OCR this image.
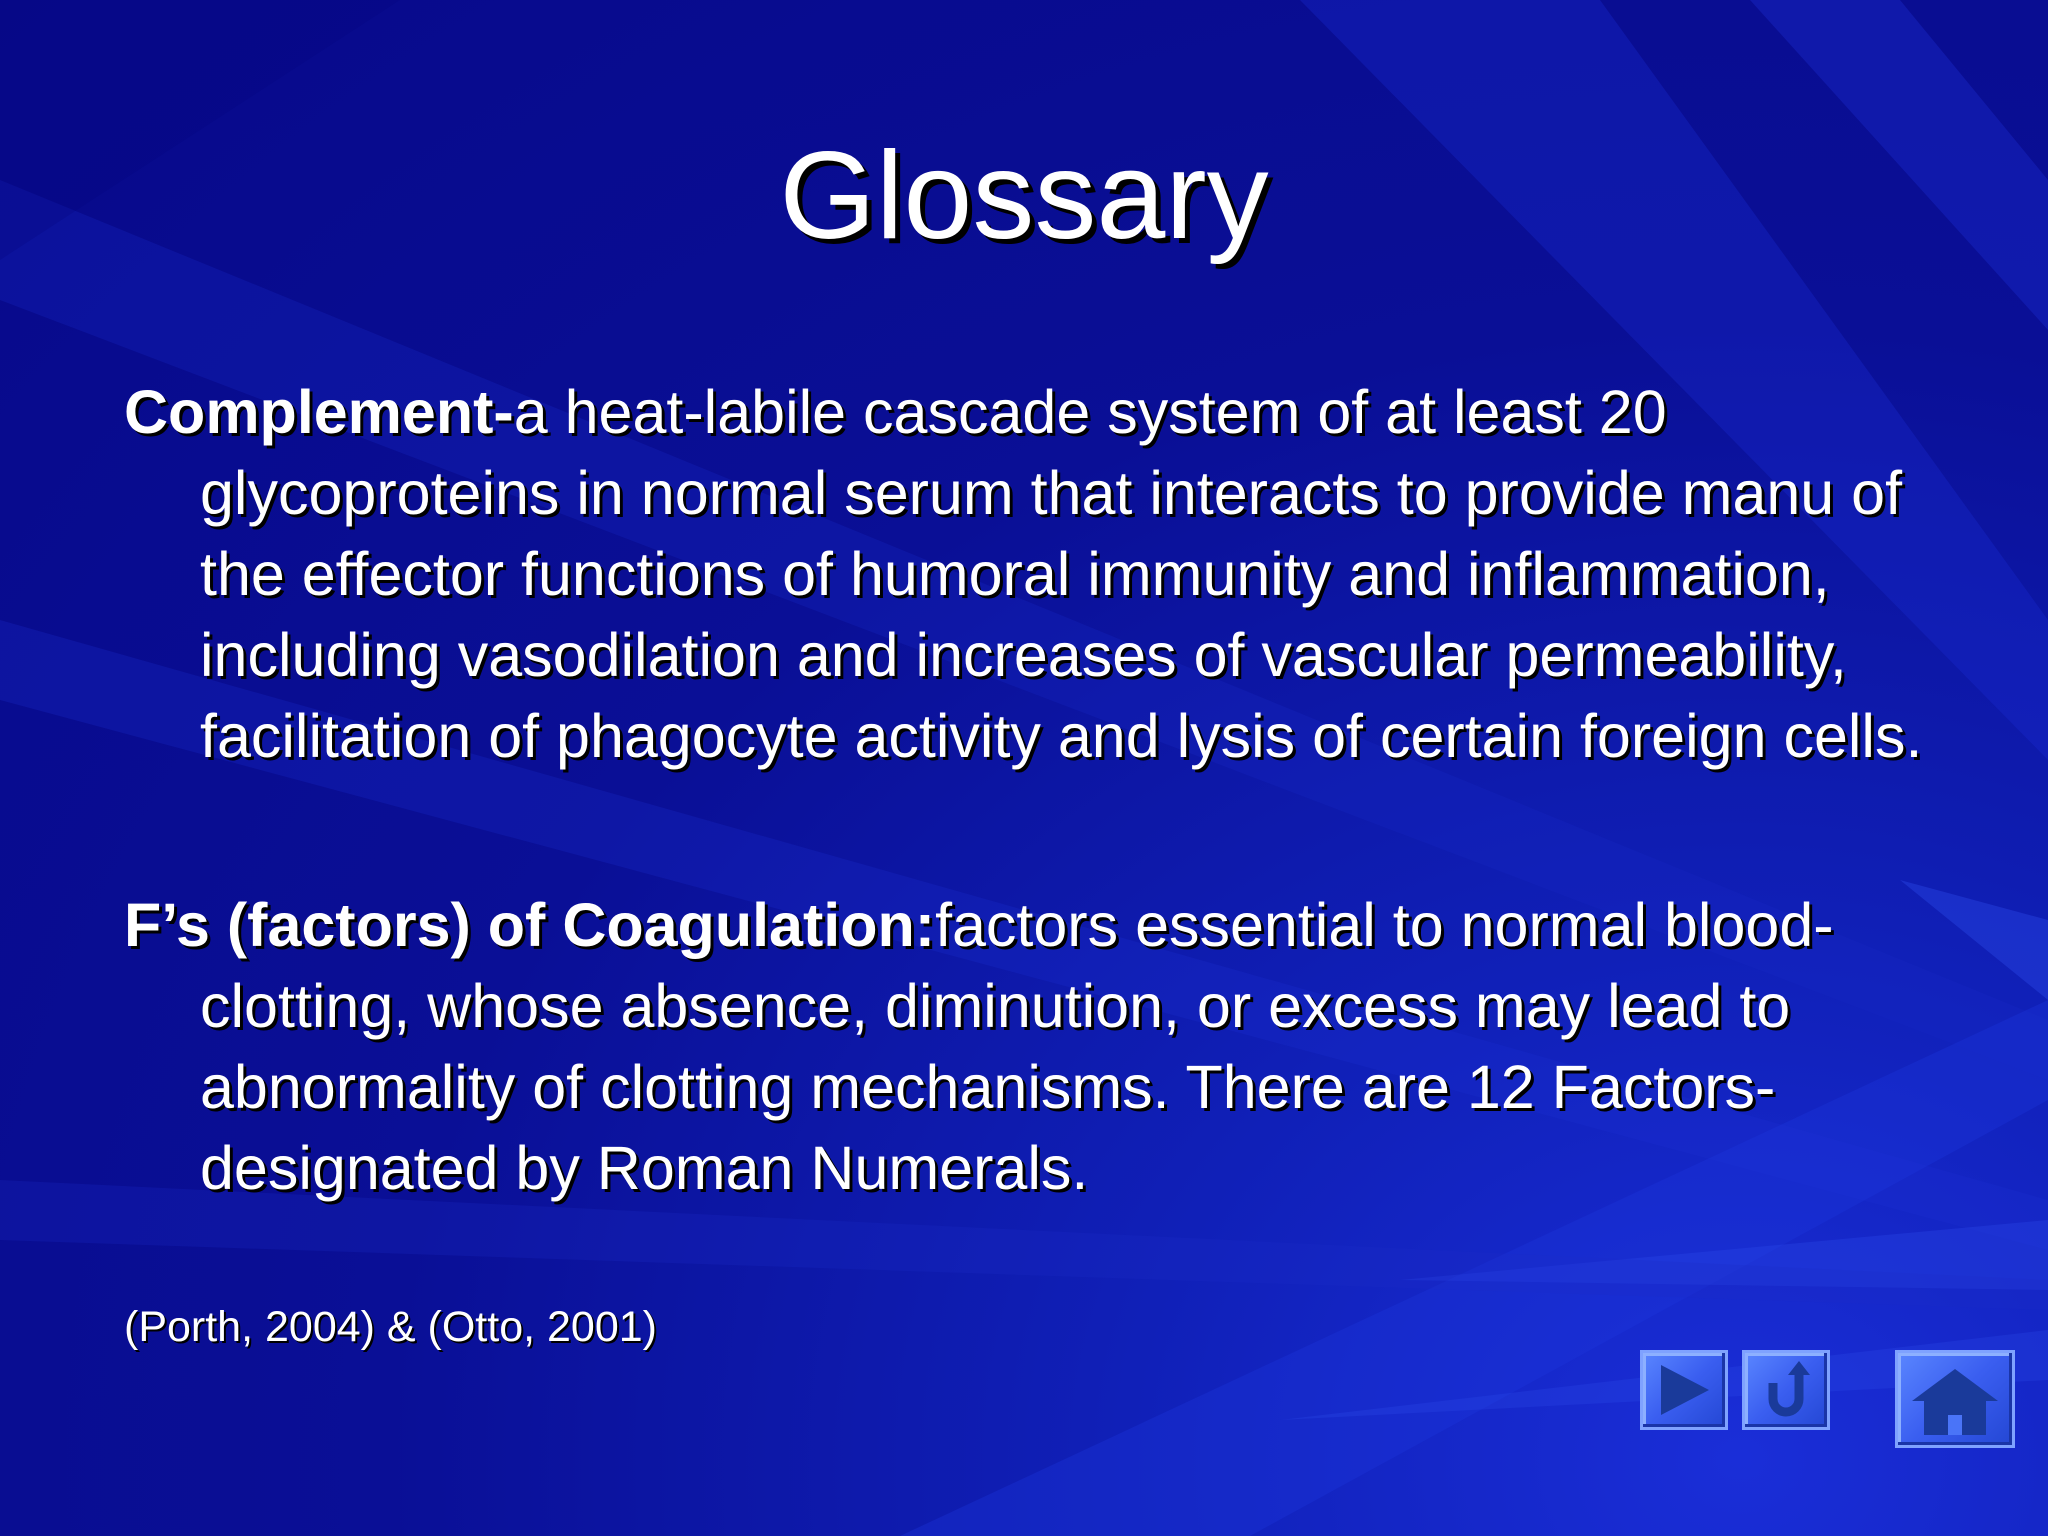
Glossary
Complement-a heat-labile cascade system of at least 20 glycoproteins in normal serum that interacts to provide manu of the effector functions of humoral immunity and inflammation, including vasodilation and increases of vascular permeability, facilitation of phagocyte activity and lysis of certain foreign cells.
F’s (factors) of Coagulation:factors essential to normal blood-clotting, whose absence, diminution, or excess may lead to abnormality of clotting mechanisms. There are 12 Factors-designated by Roman Numerals.
(Porth, 2004) & (Otto, 2001)
